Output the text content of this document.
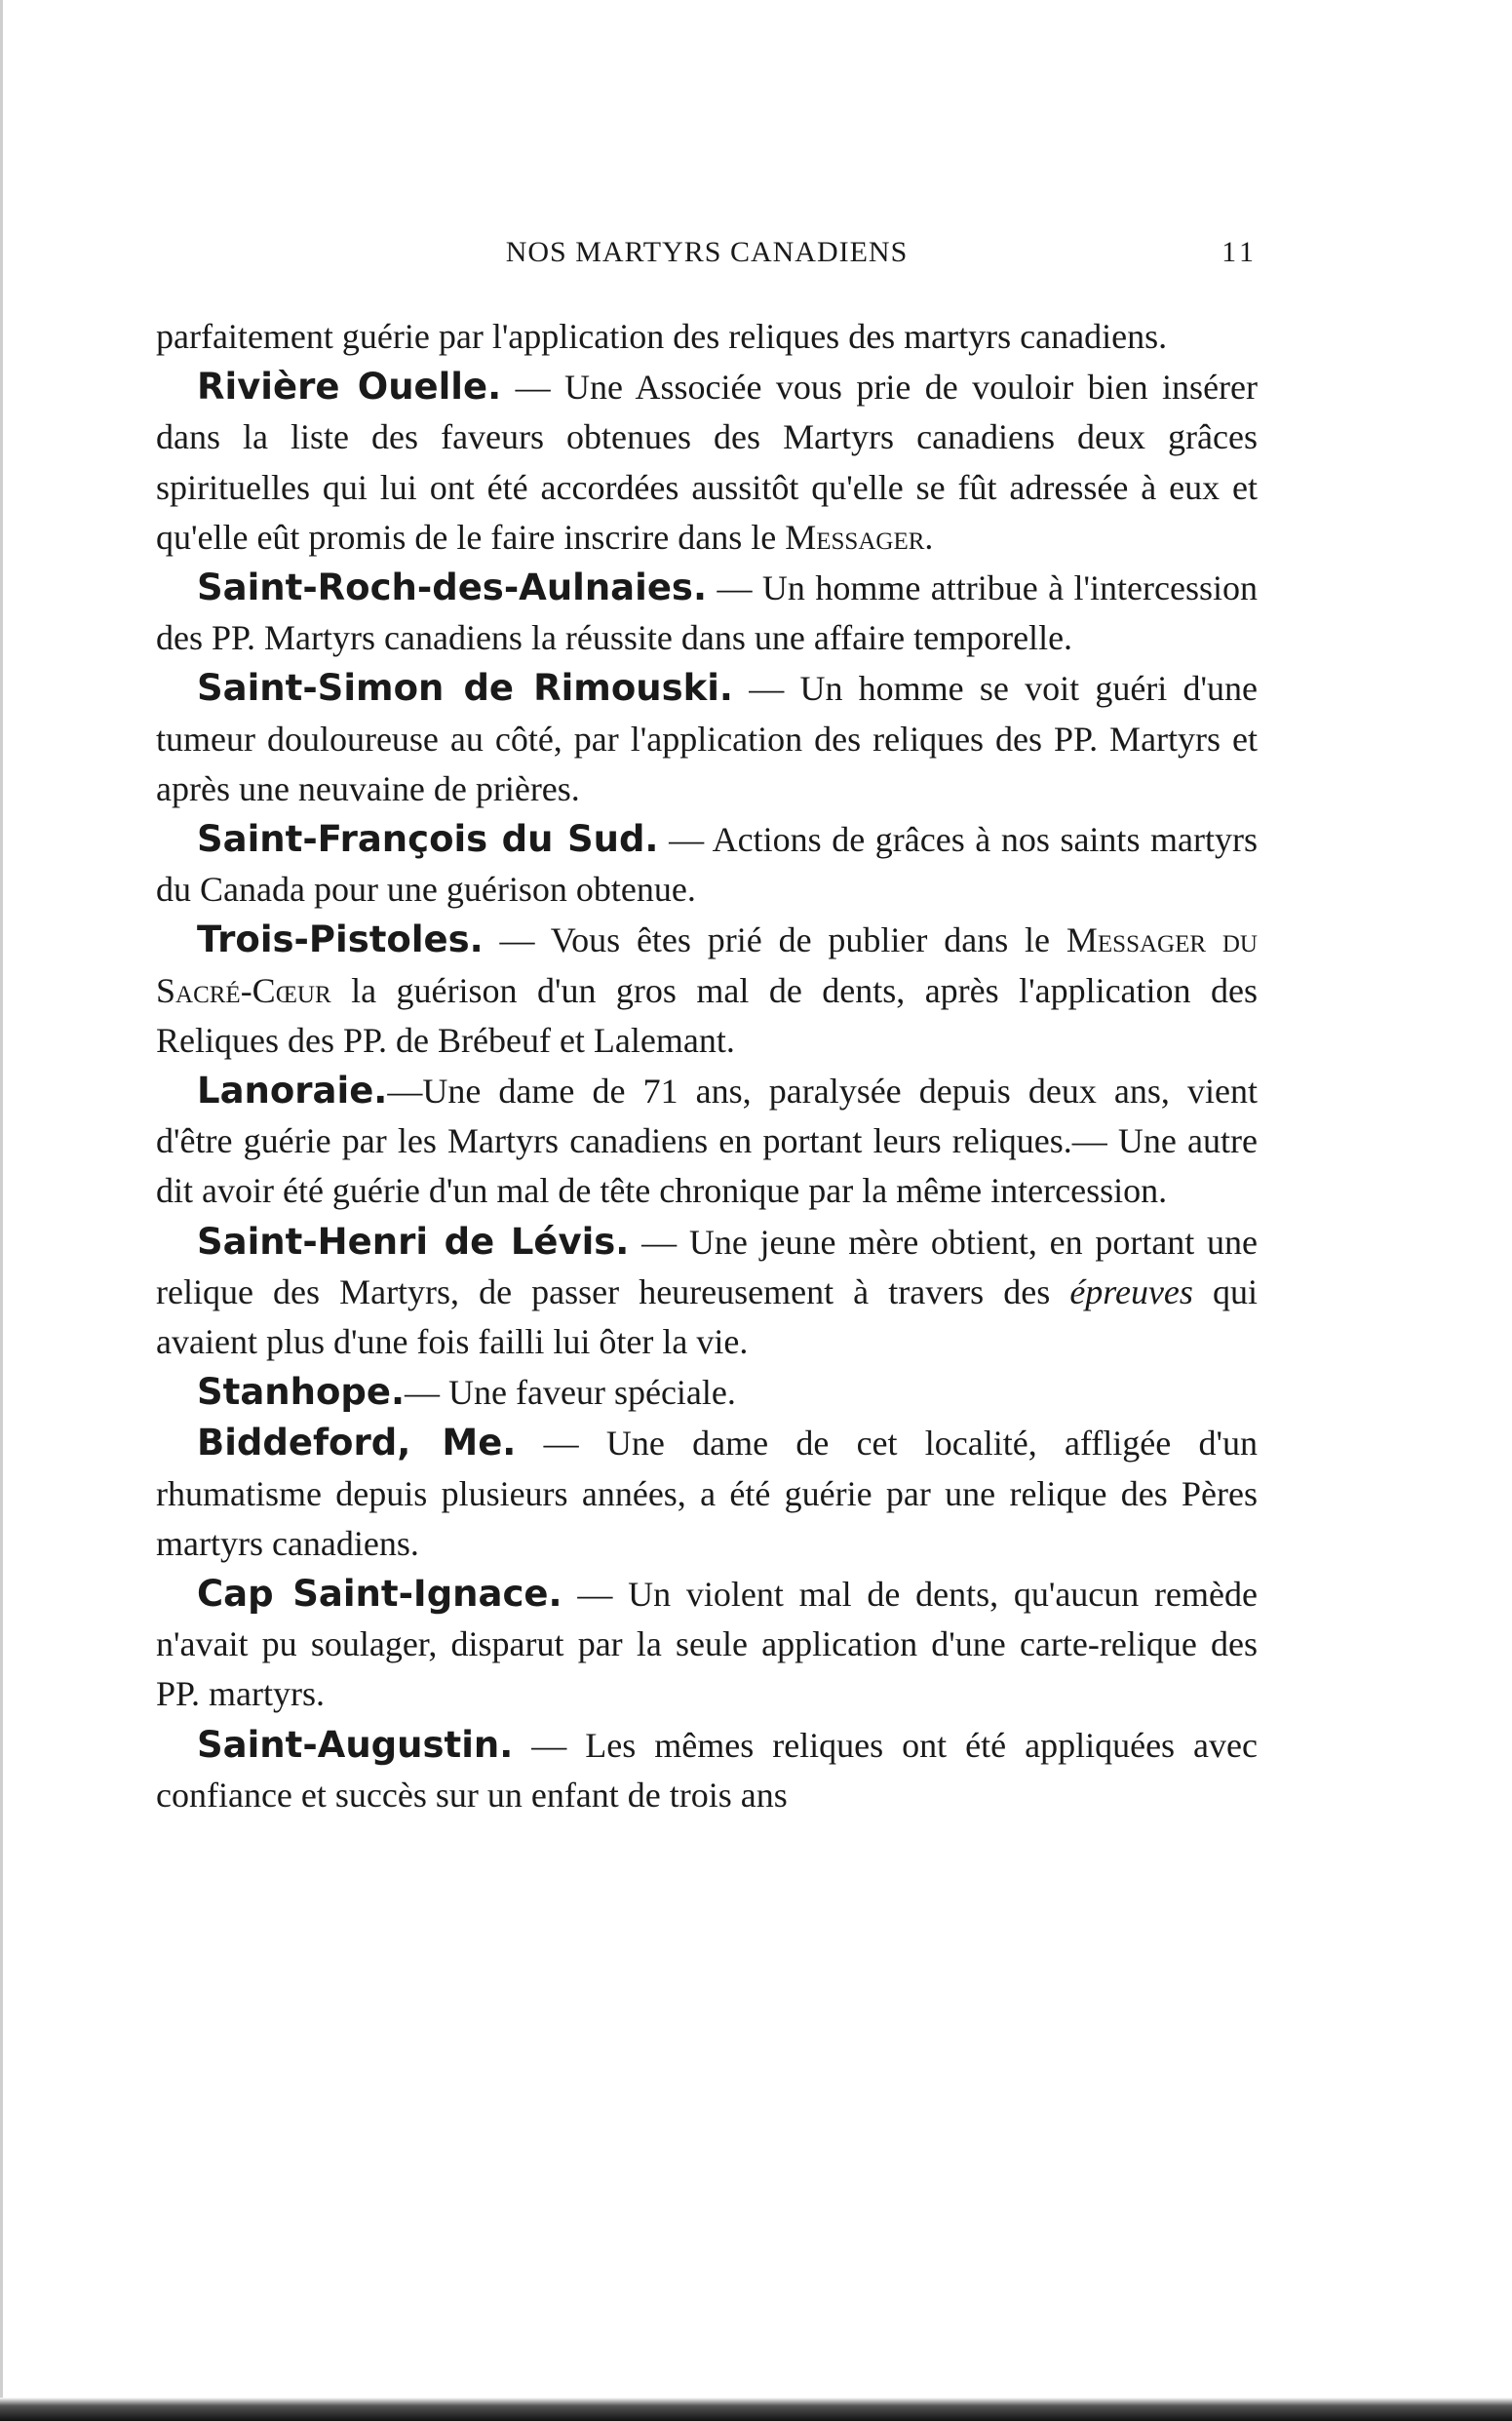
NOS MARTYRS CANADIENS	11

parfaitement guérie par l'application des reliques des martyrs canadiens.

Rivière Ouelle. — Une Associée vous prie de vouloir bien insérer dans la liste des faveurs obtenues des Martyrs canadiens deux grâces spirituelles qui lui ont été accordées aussitôt qu'elle se fût adressée à eux et qu'elle eût promis de le faire inscrire dans le Messager.

Saint-Roch-des-Aulnaies. — Un homme attribue à l'intercession des PP. Martyrs canadiens la réussite dans une affaire temporelle.

Saint-Simon de Rimouski. — Un homme se voit guéri d'une tumeur douloureuse au côté, par l'application des reliques des PP. Martyrs et après une neuvaine de prières.

Saint-François du Sud. — Actions de grâces à nos saints martyrs du Canada pour une guérison obtenue.

Trois-Pistoles. — Vous êtes prié de publier dans le Messager du Sacré-Cœur la guérison d'un gros mal de dents, après l'application des Reliques des PP. de Brébeuf et Lalemant.

Lanoraie.—Une dame de 71 ans, paralysée depuis deux ans, vient d'être guérie par les Martyrs canadiens en portant leurs reliques.— Une autre dit avoir été guérie d'un mal de tête chronique par la même intercession.

Saint-Henri de Lévis. — Une jeune mère obtient, en portant une relique des Martyrs, de passer heureusement à travers des épreuves qui avaient plus d'une fois failli lui ôter la vie.

Stanhope.— Une faveur spéciale.

Biddeford, Me. — Une dame de cet localité, affligée d'un rhumatisme depuis plusieurs années, a été guérie par une relique des Pères martyrs canadiens.

Cap Saint-Ignace. — Un violent mal de dents, qu'aucun remède n'avait pu soulager, disparut par la seule application d'une carte-relique des PP. martyrs.

Saint-Augustin. — Les mêmes reliques ont été appliquées avec confiance et succès sur un enfant de trois ans
